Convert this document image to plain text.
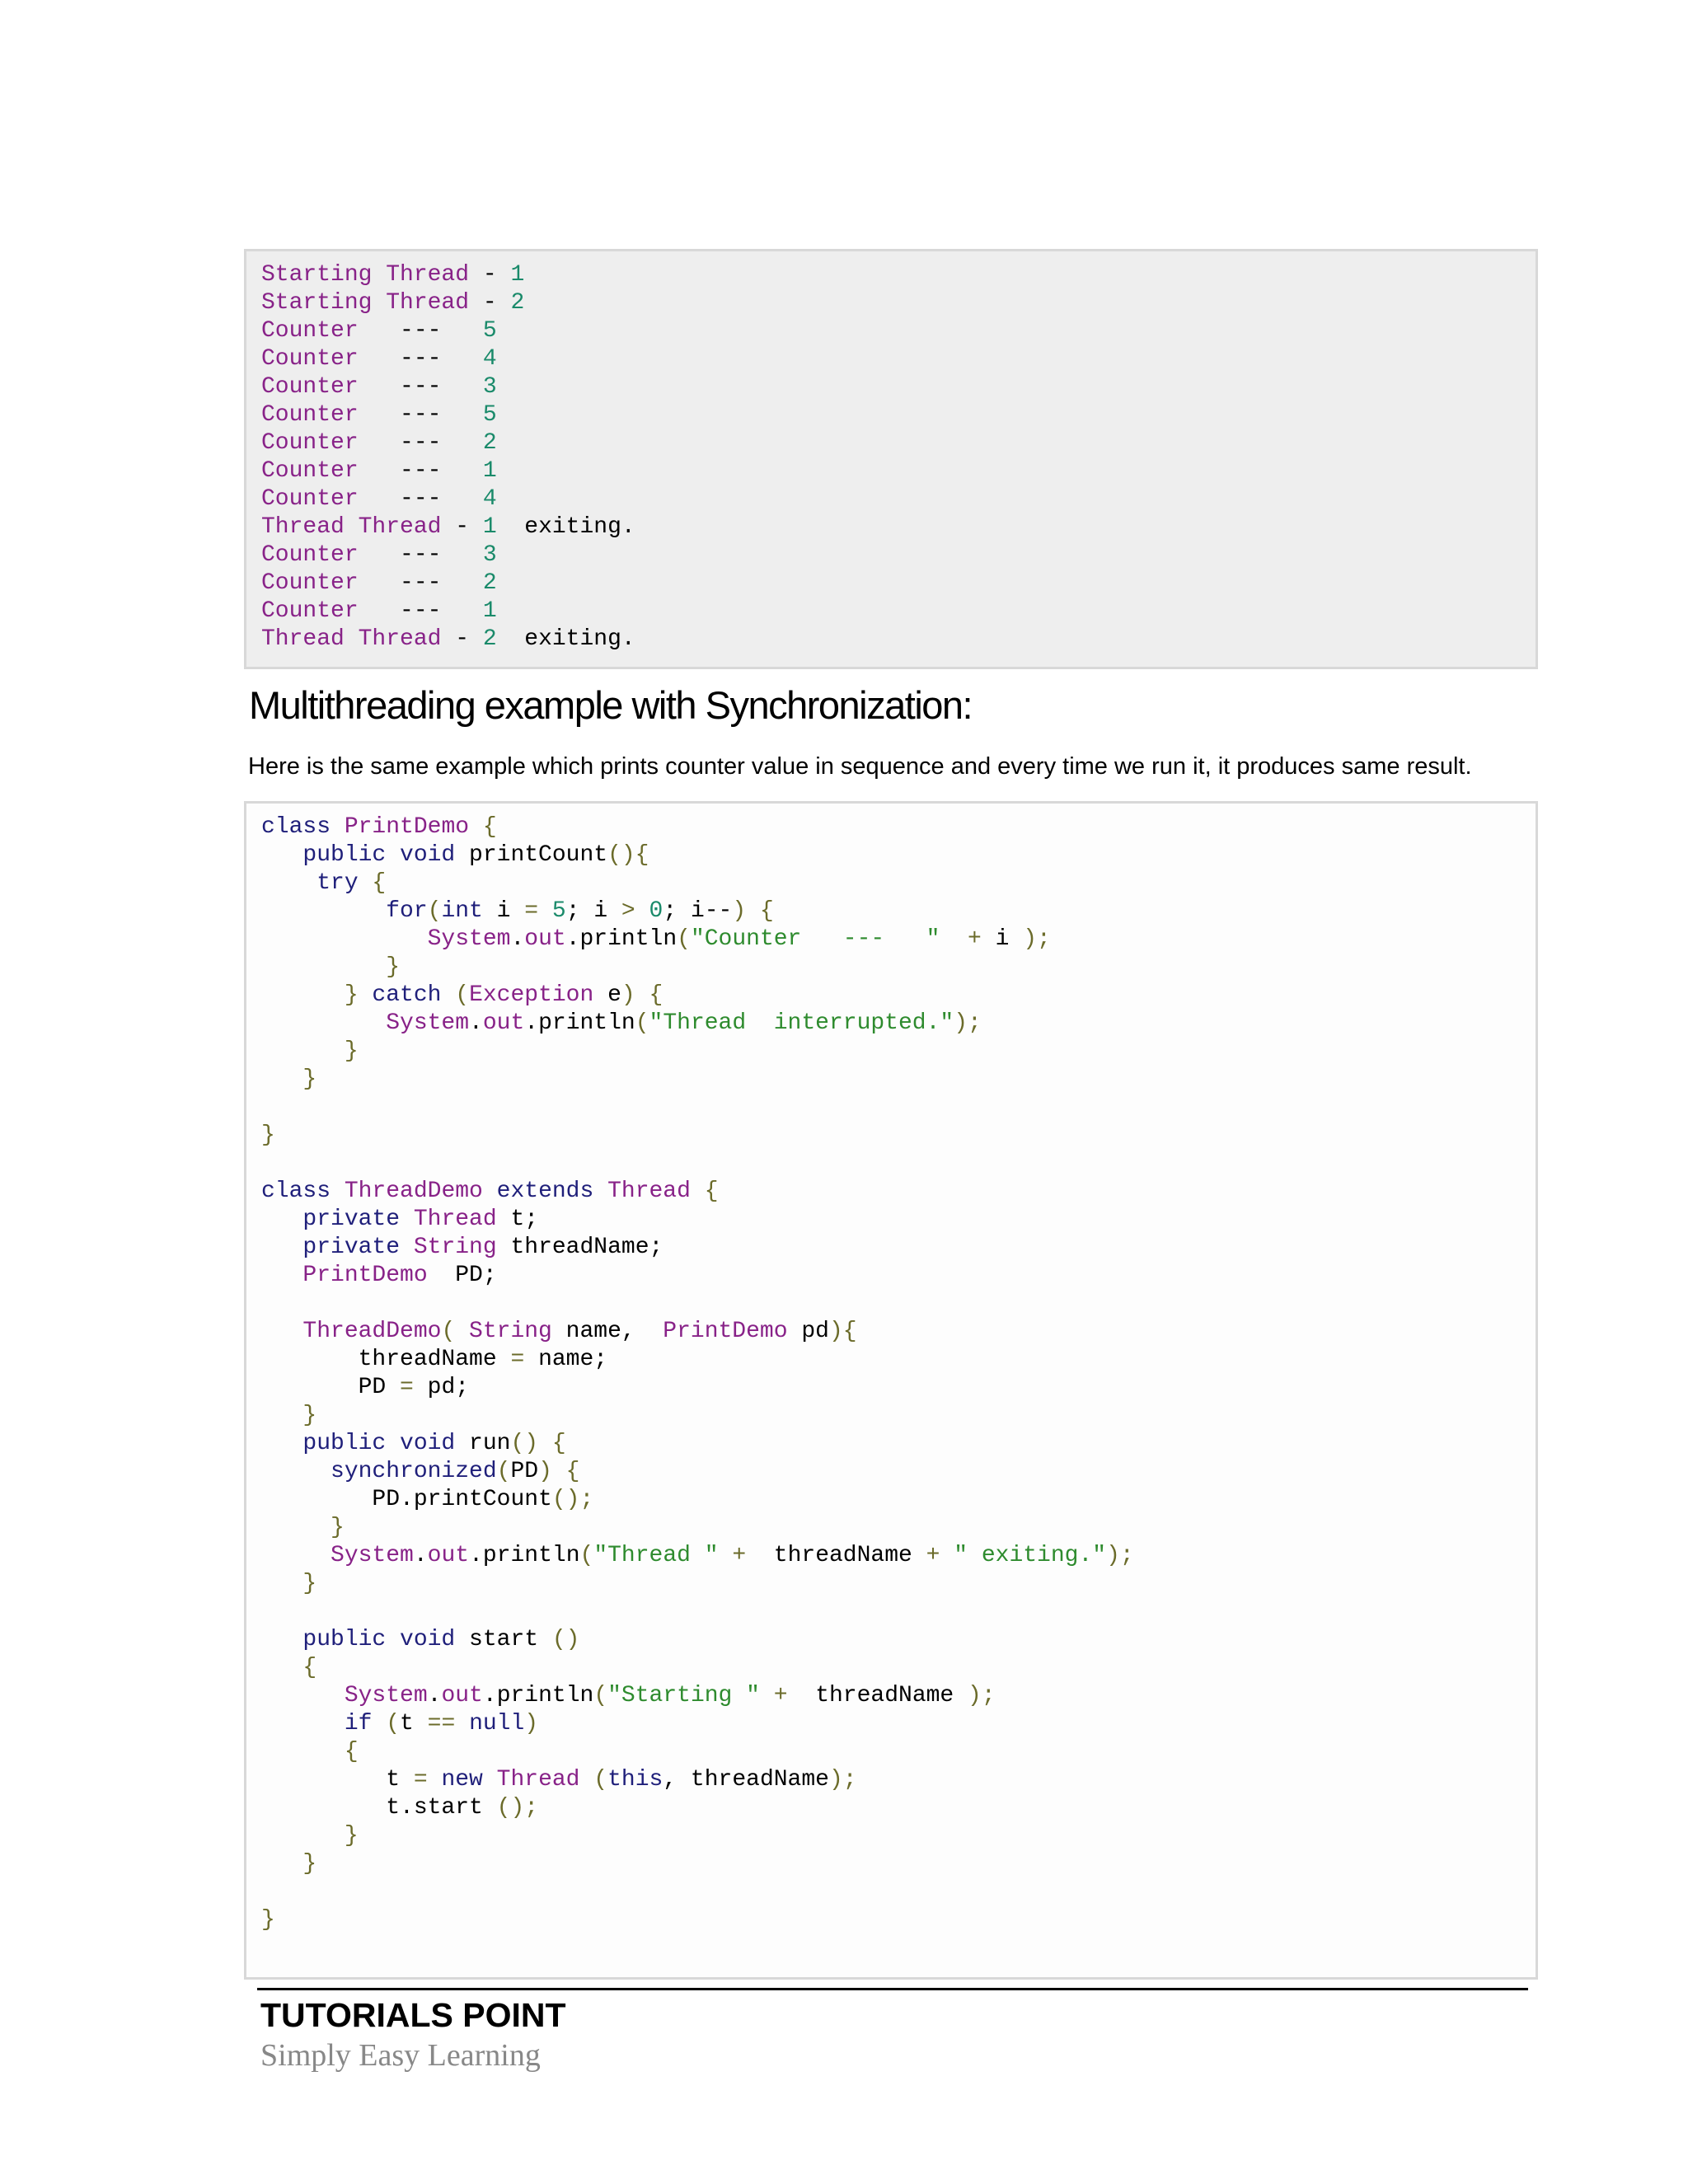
Starting Thread - 1
Starting Thread - 2
Counter   ---   5
Counter   ---   4
Counter   ---   3
Counter   ---   5
Counter   ---   2
Counter   ---   1
Counter   ---   4
Thread Thread - 1  exiting.
Counter   ---   3
Counter   ---   2
Counter   ---   1
Thread Thread - 2  exiting.
Multithreading example with Synchronization:

Here is the same example which prints counter value in sequence and every time we run it, it produces same result.

class PrintDemo {
public void printCount(){
try {
for(int i = 5; i > 0; i--) {
System.out.println("Counter   ---   "  + i );
}
} catch (Exception e) {
System.out.println("Thread  interrupted.");
}
}
}
class ThreadDemo extends Thread {
private Thread t;
private String threadName;
PrintDemo  PD;
ThreadDemo( String name,  PrintDemo pd){
threadName = name;
PD = pd;
}
public void run() {
synchronized(PD) {
PD.printCount();
}
System.out.println("Thread " +  threadName + " exiting.");
}
public void start ()
{
System.out.println("Starting " +  threadName );
if (t == null)
{
t = new Thread (this, threadName);
t.start ();
}
}
}
TUTORIALS POINT
Simply Easy Learning
